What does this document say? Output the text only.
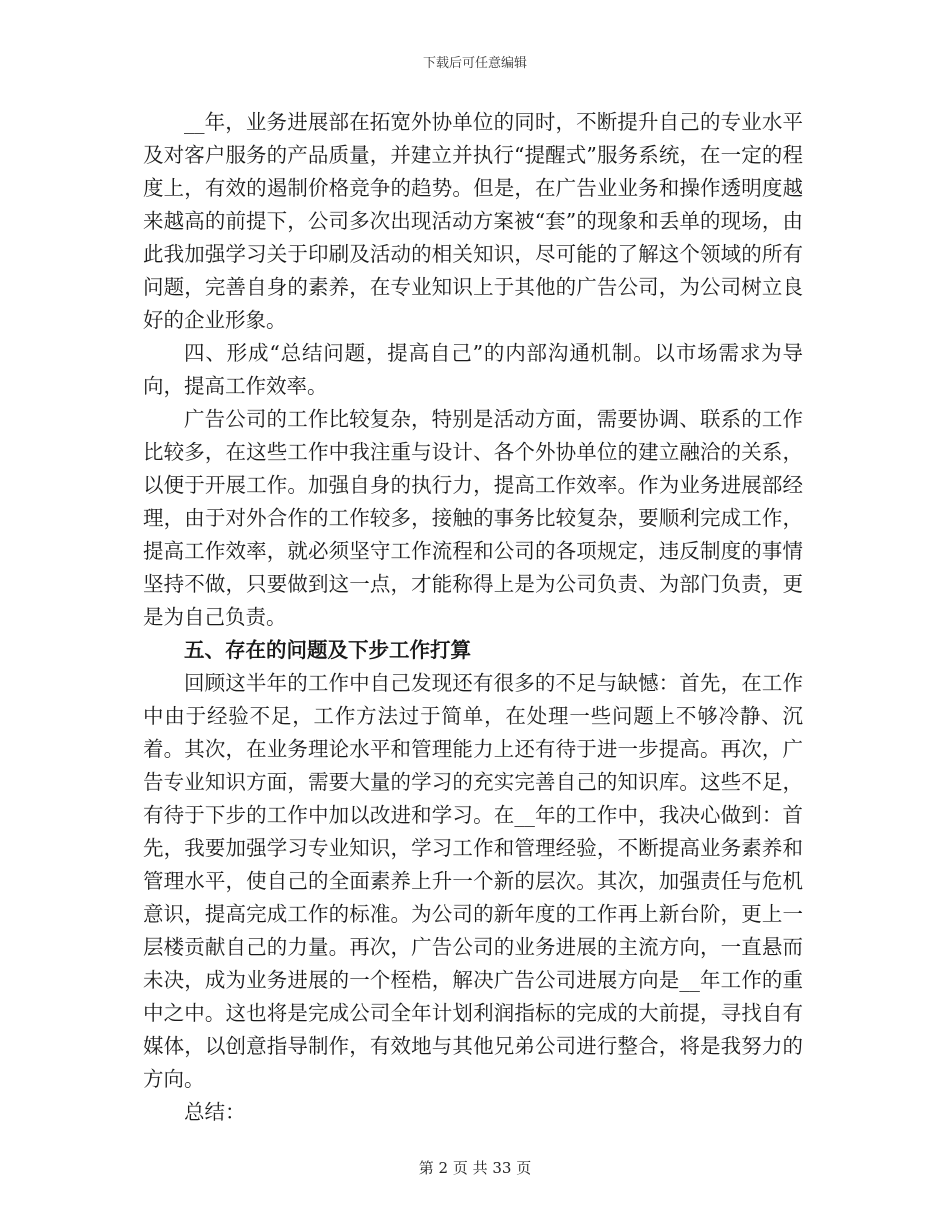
下载后可任意编辑

__年，业务进展部在拓宽外协单位的同时，不断提升自己的专业水平及对客户服务的产品质量，并建立并执行“提醒式”服务系统，在一定的程度上，有效的遏制价格竞争的趋势。但是，在广告业业务和操作透明度越来越高的前提下，公司多次出现活动方案被“套”的现象和丢单的现场，由此我加强学习关于印刷及活动的相关知识，尽可能的了解这个领域的所有问题，完善自身的素养，在专业知识上于其他的广告公司，为公司树立良好的企业形象。

四、形成“总结问题，提高自己”的内部沟通机制。以市场需求为导向，提高工作效率。

广告公司的工作比较复杂，特别是活动方面，需要协调、联系的工作比较多，在这些工作中我注重与设计、各个外协单位的建立融洽的关系，以便于开展工作。加强自身的执行力，提高工作效率。作为业务进展部经理，由于对外合作的工作较多，接触的事务比较复杂，要顺利完成工作，提高工作效率，就必须坚守工作流程和公司的各项规定，违反制度的事情坚持不做，只要做到这一点，才能称得上是为公司负责、为部门负责，更是为自己负责。

五、存在的问题及下步工作打算

回顾这半年的工作中自己发现还有很多的不足与缺憾：首先，在工作中由于经验不足，工作方法过于简单，在处理一些问题上不够冷静、沉着。其次，在业务理论水平和管理能力上还有待于进一步提高。再次，广告专业知识方面，需要大量的学习的充实完善自己的知识库。这些不足，有待于下步的工作中加以改进和学习。在__年的工作中，我决心做到：首先，我要加强学习专业知识，学习工作和管理经验，不断提高业务素养和管理水平，使自己的全面素养上升一个新的层次。其次，加强责任与危机意识，提高完成工作的标准。为公司的新年度的工作再上新台阶，更上一层楼贡献自己的力量。再次，广告公司的业务进展的主流方向，一直悬而未决，成为业务进展的一个桎梏，解决广告公司进展方向是__年工作的重中之中。这也将是完成公司全年计划利润指标的完成的大前提，寻找自有媒体，以创意指导制作，有效地与其他兄弟公司进行整合，将是我努力的方向。

总结：

第 2 页 共 33 页
